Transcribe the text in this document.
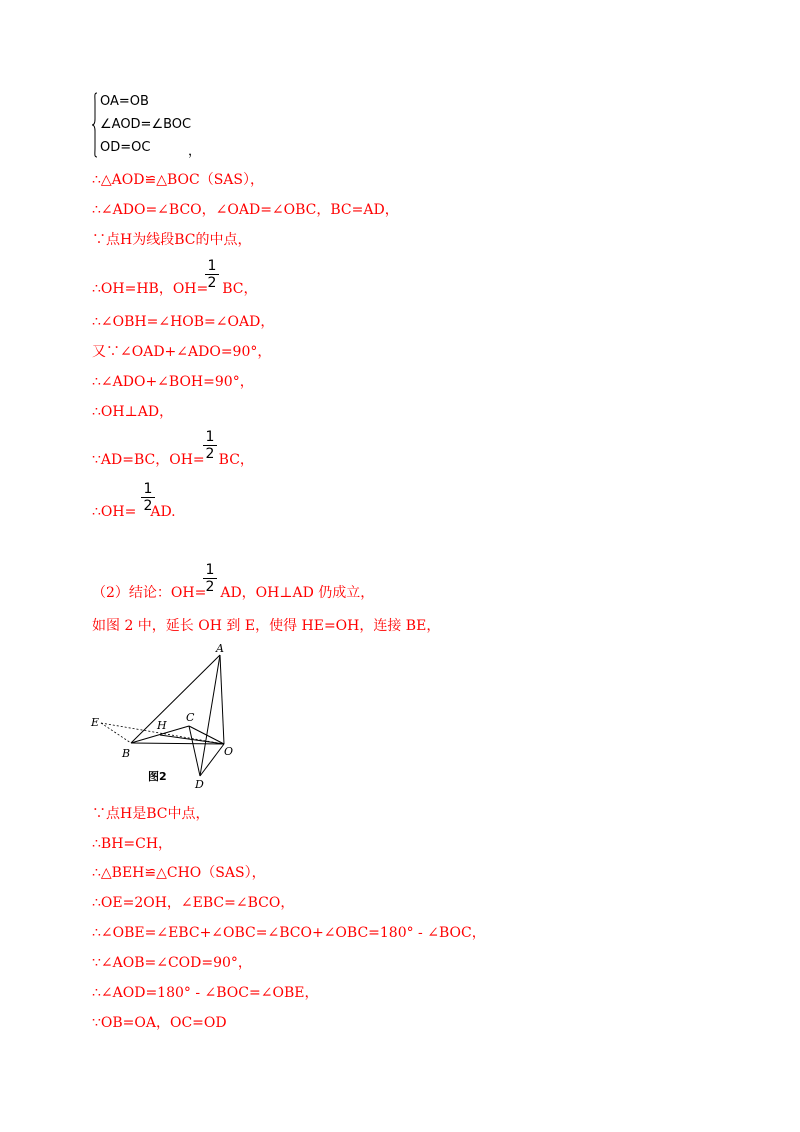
OA=OB
∠AOD=∠BOC
OD=OC	，
∴△AOD≌△BOC（SAS），
∴∠ADO=∠BCO，∠OAD=∠OBC，BC=AD，
∵点H为线段BC的中点，
∴OH=HB，OH= BC，
1
2
∴∠OBH=∠HOB=∠OAD，
又∵∠OAD+∠ADO=90°，
∴∠ADO+∠BOH=90°，
∴OH⊥AD，
∵AD=BC，OH= BC，
1
2
∴OH= AD.
1
2
（2）结论：OH= AD，OH⊥AD 仍成立，
1
2
如图 2 中，延长 OH 到 E，使得 HE=OH，连接 BE，
A
E	H
C
B	O
D
图2
∵点H是BC中点，
∴BH=CH，
∴△BEH≌△CHO（SAS），
∴OE=2OH，∠EBC=∠BCO，
∴∠OBE=∠EBC+∠OBC=∠BCO+∠OBC=180° - ∠BOC，
∵∠AOB=∠COD=90°，
∴∠AOD=180° - ∠BOC=∠OBE，
∵OB=OA，OC=OD
